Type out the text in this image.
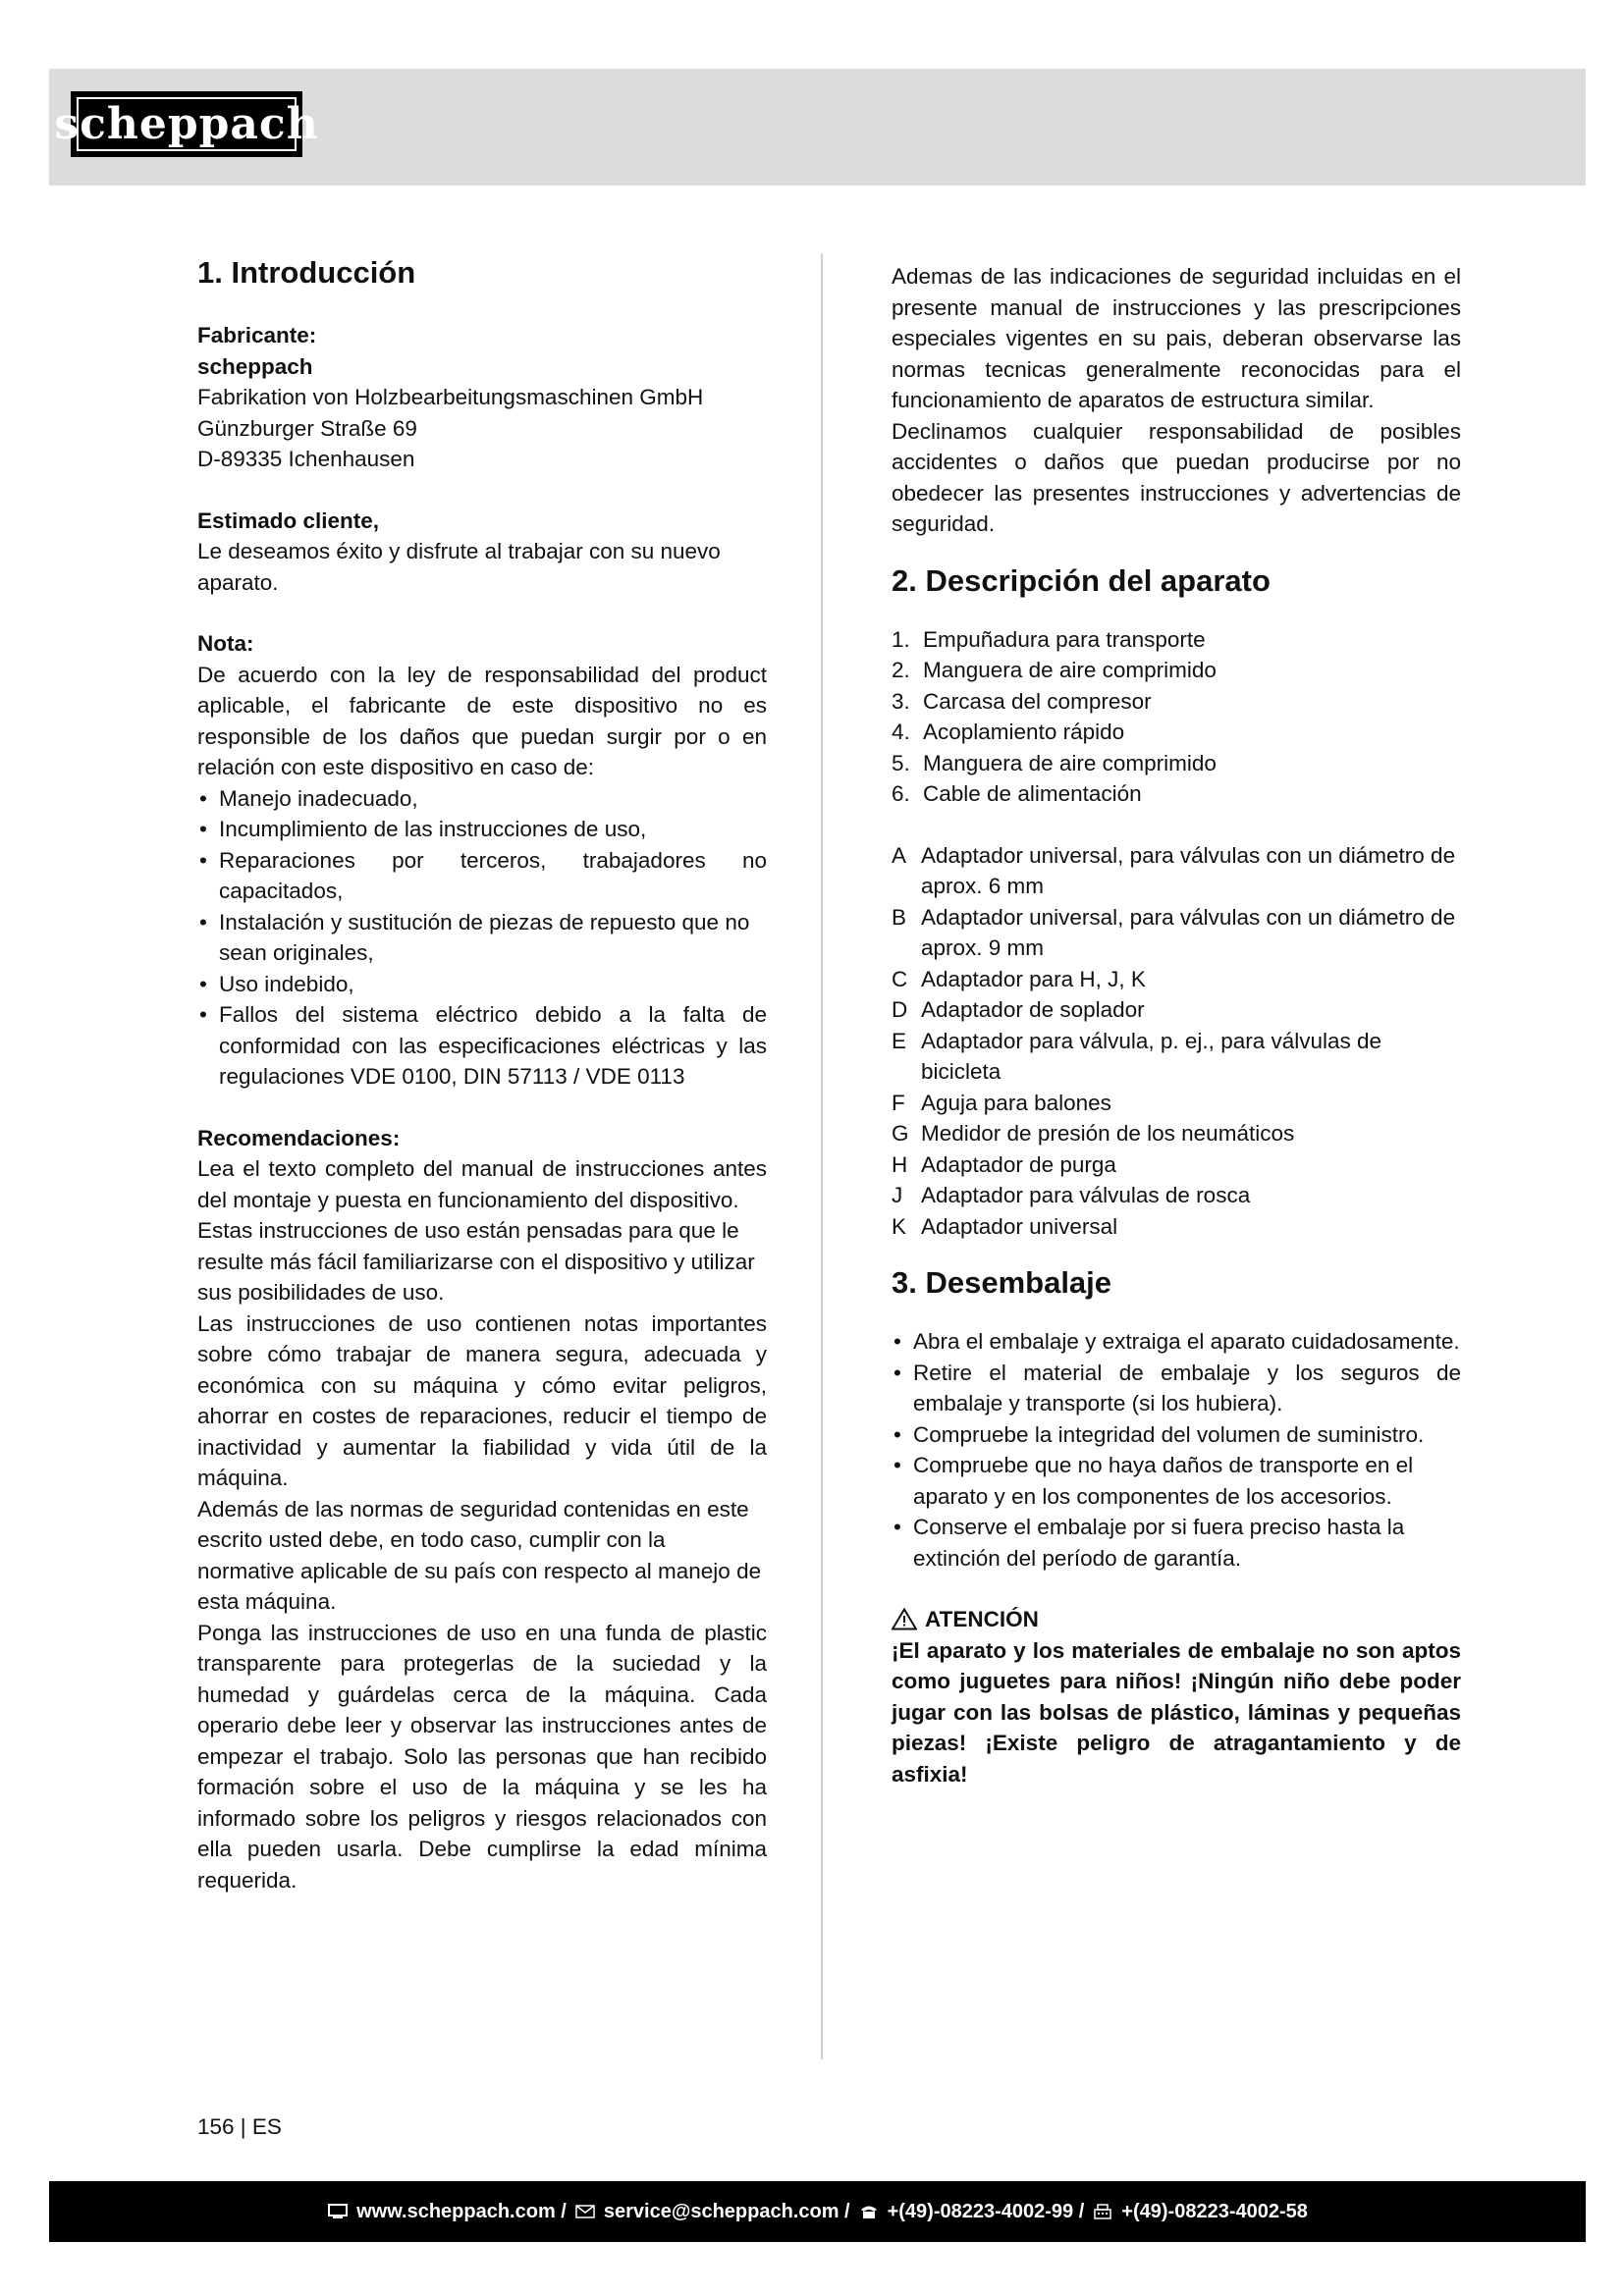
scheppach
1. Introducción

Fabricante:

scheppach

Fabrikation von Holzbearbeitungsmaschinen GmbH

Günzburger Straße 69

D-89335 Ichenhausen

Estimado cliente,

Le deseamos éxito y disfrute al trabajar con su nuevo aparato.

Nota:

De acuerdo con la ley de responsabilidad del product aplicable, el fabricante de este dispositivo no es responsible de los daños que puedan surgir por o en relación con este dispositivo en caso de:

• Manejo inadecuado,
• Incumplimiento de las instrucciones de uso,
• Reparaciones por terceros, trabajadores no capacitados,
• Instalación y sustitución de piezas de repuesto que no sean originales,
• Uso indebido,
• Fallos del sistema eléctrico debido a la falta de conformidad con las especificaciones eléctricas y las regulaciones VDE 0100, DIN 57113 / VDE 0113

Recomendaciones:

Lea el texto completo del manual de instrucciones antes del montaje y puesta en funcionamiento del dispositivo.

Estas instrucciones de uso están pensadas para que le resulte más fácil familiarizarse con el dispositivo y utilizar sus posibilidades de uso.

Las instrucciones de uso contienen notas importantes sobre cómo trabajar de manera segura, adecuada y económica con su máquina y cómo evitar peligros, ahorrar en costes de reparaciones, reducir el tiempo de inactividad y aumentar la fiabilidad y vida útil de la máquina.

Además de las normas de seguridad contenidas en este escrito usted debe, en todo caso, cumplir con la normative aplicable de su país con respecto al manejo de esta máquina.

Ponga las instrucciones de uso en una funda de plastic transparente para protegerlas de la suciedad y la humedad y guárdelas cerca de la máquina. Cada operario debe leer y observar las instrucciones antes de empezar el trabajo. Solo las personas que han recibido formación sobre el uso de la máquina y se les ha informado sobre los peligros y riesgos relacionados con ella pueden usarla. Debe cumplirse la edad mínima requerida.

Ademas de las indicaciones de seguridad incluidas en el presente manual de instrucciones y las prescripciones especiales vigentes en su pais, deberan observarse las normas tecnicas generalmente reconocidas para el funcionamiento de aparatos de estructura similar.

Declinamos cualquier responsabilidad de posibles accidentes o daños que puedan producirse por no obedecer las presentes instrucciones y advertencias de seguridad.

2. Descripción del aparato
1. Empuñadura para transporte
2. Manguera de aire comprimido
3. Carcasa del compresor
4. Acoplamiento rápido
5. Manguera de aire comprimido
6. Cable de alimentación
A Adaptador universal, para válvulas con un diámetro de aprox. 6 mm
B Adaptador universal, para válvulas con un diámetro de aprox. 9 mm
C Adaptador para H, J, K
D Adaptador de soplador
E Adaptador para válvula, p. ej., para válvulas de bicicleta
F Aguja para balones
G Medidor de presión de los neumáticos
H Adaptador de purga
J Adaptador para válvulas de rosca
K Adaptador universal
3. Desembalaje
• Abra el embalaje y extraiga el aparato cuidadosamente.
• Retire el material de embalaje y los seguros de embalaje y transporte (si los hubiera).
• Compruebe la integridad del volumen de suministro.
• Compruebe que no haya daños de transporte en el aparato y en los componentes de los accesorios.
• Conserve el embalaje por si fuera preciso hasta la extinción del período de garantía.

ATENCIÓN

¡El aparato y los materiales de embalaje no son aptos como juguetes para niños! ¡Ningún niño debe poder jugar con las bolsas de plástico, láminas y pequeñas piezas! ¡Existe peligro de atragantamiento y de asfixia!

156 | ES
www.scheppach.com / service@scheppach.com / +(49)-08223-4002-99 / +(49)-08223-4002-58
